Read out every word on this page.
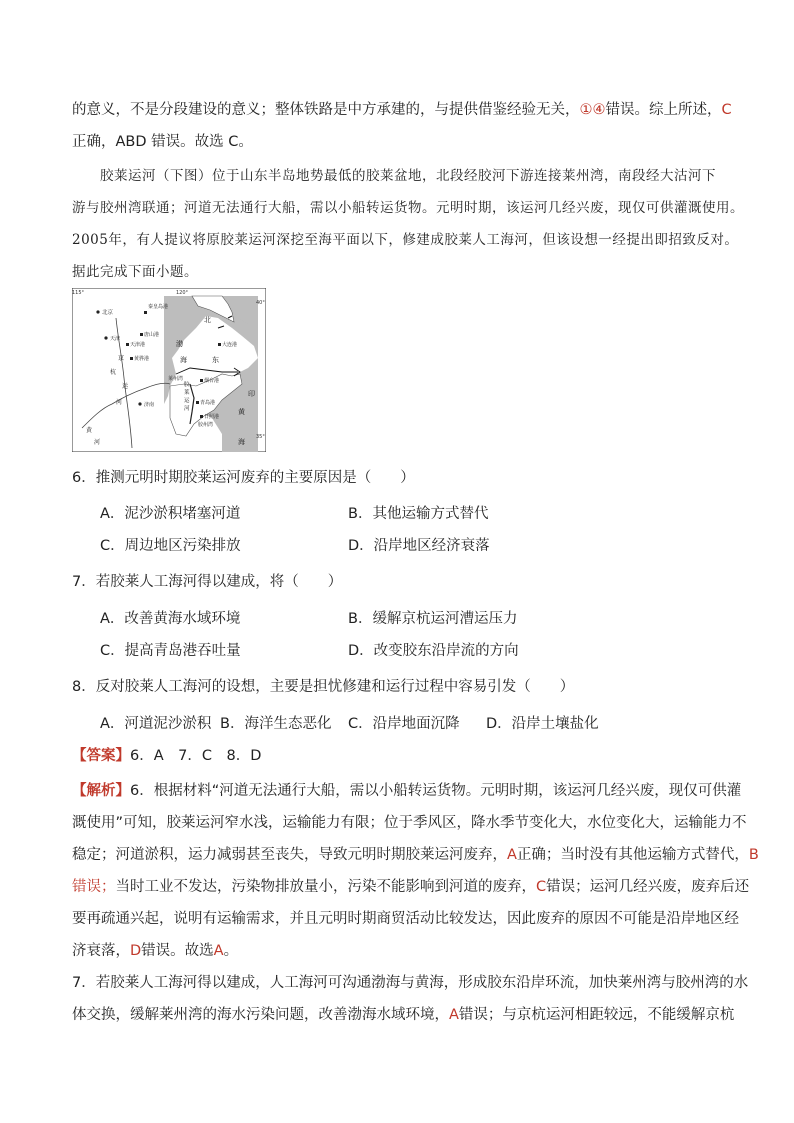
的意义，不是分段建设的意义；整体铁路是中方承建的，与提供借鉴经验无关，①④错误。综上所述，C
正确，ABD 错误。故选 C。
胶莱运河（下图）位于山东半岛地势最低的胶莱盆地，北段经胶河下游连接莱州湾，南段经大沽河下
游与胶州湾联通；河道无法通行大船，需以小船转运货物。元明时期，该运河几经兴废，现仅可供灌溉使用。
2005年，有人提议将原胶莱运河深挖至海平面以下，修建成胶莱人工海河，但该设想一经提出即招致反对。
据此完成下面小题。
115°	120°
40°
35°
北京
秦皇岛港
唐山港
天津
天津港
黄骅港
大连港
烟台港
济南
日照港
青岛港
胶州湾
莱州湾
北
渤
海
印
东
黄
海
京
杭
运
河
黄
河
胶
莱
运
河
6．推测元明时期胶莱运河废弃的主要原因是（　　）
A．泥沙淤积堵塞河道	B．其他运输方式替代
C．周边地区污染排放	D．沿岸地区经济衰落
7．若胶莱人工海河得以建成，将（　　）
A．改善黄海水域环境	B．缓解京杭运河漕运压力
C．提高青岛港吞吐量	D．改变胶东沿岸流的方向
8．反对胶莱人工海河的设想，主要是担忧修建和运行过程中容易引发（　　）
A．河道泥沙淤积 B．海洋生态恶化 C．沿岸地面沉降 D．沿岸土壤盐化
【答案】6．A　7．C　8．D
【解析】6．根据材料“河道无法通行大船，需以小船转运货物。元明时期，该运河几经兴废，现仅可供灌
溉使用”可知，胶莱运河窄水浅，运输能力有限；位于季风区，降水季节变化大，水位变化大，运输能力不
稳定；河道淤积，运力减弱甚至丧失，导致元明时期胶莱运河废弃，A正确；当时没有其他运输方式替代，B
错误；当时工业不发达，污染物排放量小，污染不能影响到河道的废弃，C错误；运河几经兴废，废弃后还
要再疏通兴起，说明有运输需求，并且元明时期商贸活动比较发达，因此废弃的原因不可能是沿岸地区经
济衰落，D错误。故选A。
7．若胶莱人工海河得以建成，人工海河可沟通渤海与黄海，形成胶东沿岸环流，加快莱州湾与胶州湾的水
体交换，缓解莱州湾的海水污染问题，改善渤海水域环境，A错误；与京杭运河相距较远，不能缓解京杭
